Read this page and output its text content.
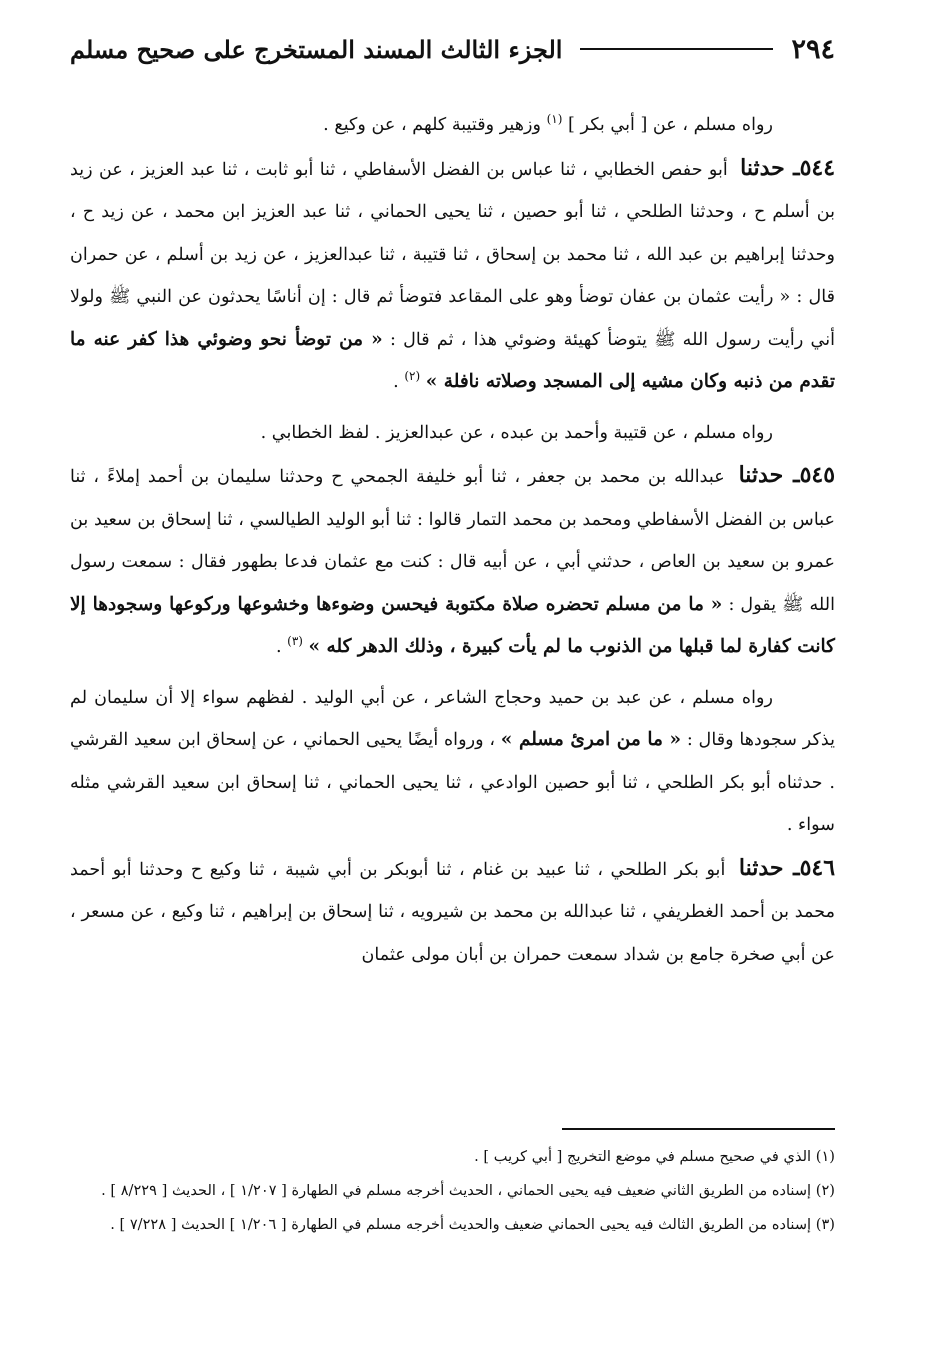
٢٩٤
الجزء الثالث المسند المستخرج على صحيح مسلم

رواه مسلم ، عن [ أبي بكر ] $^{(١)}$ وزهير وقتيبة كلهم ، عن وكيع .

٥٤٤ـ حدثنا أبو حفص الخطابي ، ثنا عباس بن الفضل الأسفاطي ، ثنا أبو ثابت ، ثنا عبد العزيز ، عن زيد بن أسلم ح ، وحدثنا الطلحي ، ثنا أبو حصين ، ثنا يحيى الحماني ، ثنا عبد العزيز ابن محمد ، عن زيد ح ، وحدثنا إبراهيم بن عبد الله ، ثنا محمد بن إسحاق ، ثنا قتيبة ، ثنا عبدالعزيز ، عن زيد بن أسلم ، عن حمران قال : « رأيت عثمان بن عفان توضأ وهو على المقاعد فتوضأ ثم قال : إن أناسًا يحدثون عن النبي ﷺ ولولا أني رأيت رسول الله ﷺ يتوضأ كهيئة وضوئي هذا ، ثم قال : « من توضأ نحو وضوئي هذا كفر عنه ما تقدم من ذنبه وكان مشيه إلى المسجد وصلاته نافلة » $^{(٢)}$ .

رواه مسلم ، عن قتيبة وأحمد بن عبده ، عن عبدالعزيز . لفظ الخطابي .

٥٤٥ـ حدثنا عبدالله بن محمد بن جعفر ، ثنا أبو خليفة الجمحي ح وحدثنا سليمان بن أحمد إملاءً ، ثنا عباس بن الفضل الأسفاطي ومحمد بن محمد التمار قالوا : ثنا أبو الوليد الطيالسي ، ثنا إسحاق بن سعيد بن عمرو بن سعيد بن العاص ، حدثني أبي ، عن أبيه قال : كنت مع عثمان فدعا بطهور فقال : سمعت رسول الله ﷺ يقول : « ما من مسلم تحضره صلاة مكتوبة فيحسن وضوءها وخشوعها وركوعها وسجودها إلا كانت كفارة لما قبلها من الذنوب ما لم يأت كبيرة ، وذلك الدهر كله » $^{(٣)}$ .

رواه مسلم ، عن عبد بن حميد وحجاج الشاعر ، عن أبي الوليد . لفظهم سواء إلا أن سليمان لم يذكر سجودها وقال : « ما من امرئ مسلم » ، ورواه أيضًا يحيى الحماني ، عن إسحاق ابن سعيد القرشي . حدثناه أبو بكر الطلحي ، ثنا أبو حصين الوادعي ، ثنا يحيى الحماني ، ثنا إسحاق ابن سعيد القرشي مثله سواء .

٥٤٦ـ حدثنا أبو بكر الطلحي ، ثنا عبيد بن غنام ، ثنا أبوبكر بن أبي شيبة ، ثنا وكيع ح وحدثنا أبو أحمد محمد بن أحمد الغطريفي ، ثنا عبدالله بن محمد بن شيرويه ، ثنا إسحاق بن إبراهيم ، ثنا وكيع ، عن مسعر ، عن أبي صخرة جامع بن شداد سمعت حمران بن أبان مولى عثمان

(١) الذي في صحيح مسلم في موضع التخريج [ أبي كريب ] .

(٢) إسناده من الطريق الثاني ضعيف فيه يحيى الحماني ، الحديث أخرجه مسلم في الطهارة [ ١/٢٠٧ ] ، الحديث [ ٨/٢٢٩ ] .

(٣) إسناده من الطريق الثالث فيه يحيى الحماني ضعيف والحديث أخرجه مسلم في الطهارة [ ١/٢٠٦ ] الحديث [ ٧/٢٢٨ ] .
